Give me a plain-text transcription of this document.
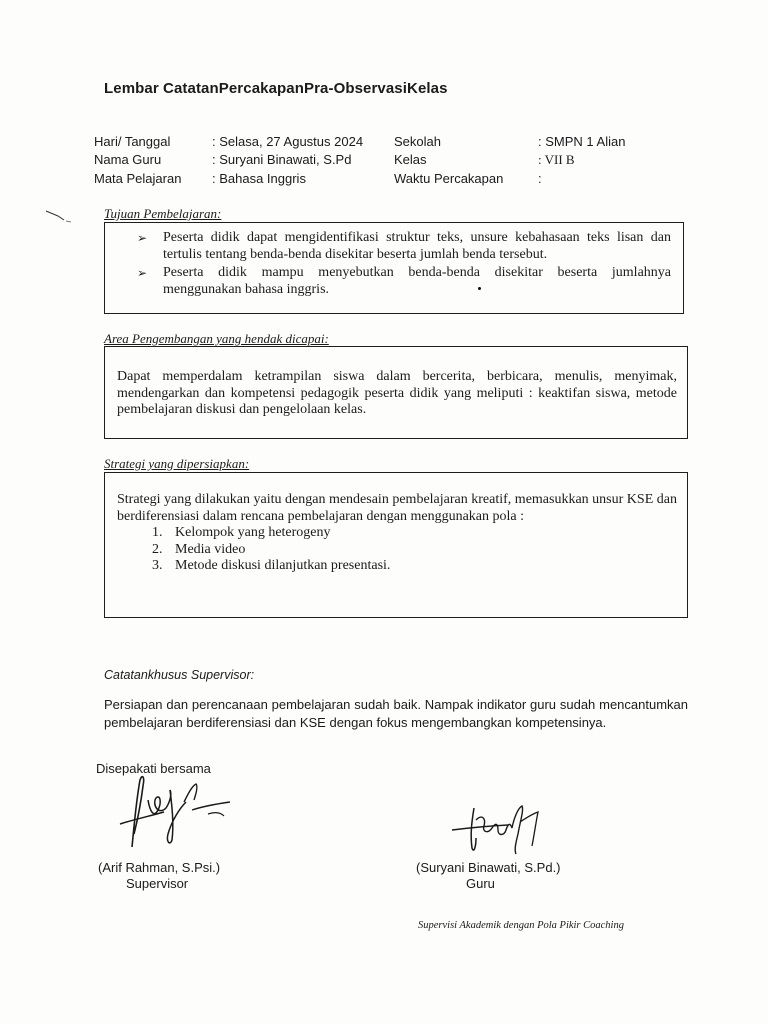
Lembar CatatanPercakapanPra-ObservasiKelas
Hari/ Tanggal	: Selasa, 27 Agustus 2024 Sekolah	: SMPN 1 Alian
Nama Guru	: Suryani Binawati, S.Pd	Kelas	: VII B
Mata Pelajaran : Bahasa Inggris	Waktu Percakapan	:
Tujuan Pembelajaran:
➢ Peserta didik dapat mengidentifikasi struktur teks, unsure kebahasaan teks lisan dan tertulis tentang benda-benda disekitar beserta jumlah benda tersebut.
➢ Peserta didik mampu menyebutkan benda-benda disekitar beserta jumlahnya menggunakan bahasa inggris.
Area Pengembangan yang hendak dicapai:
Dapat memperdalam ketrampilan siswa dalam bercerita, berbicara, menulis, menyimak, mendengarkan dan kompetensi pedagogik peserta didik yang meliputi : keaktifan siswa, metode pembelajaran diskusi dan pengelolaan kelas.
Strategi yang dipersiapkan:
Strategi yang dilakukan yaitu dengan mendesain pembelajaran kreatif, memasukkan unsur KSE dan berdiferensiasi dalam rencana pembelajaran dengan menggunakan pola :
1. Kelompok yang heterogeny
2. Media video
3. Metode diskusi dilanjutkan presentasi.
Catatankhusus Supervisor:
Persiapan dan perencanaan pembelajaran sudah baik. Nampak indikator guru sudah mencantumkan pembelajaran berdiferensiasi dan KSE dengan fokus mengembangkan kompetensinya.
Disepakati bersama
(Arif Rahman, S.Psi.)
Supervisor
(Suryani Binawati, S.Pd.)
Guru
Supervisi Akademik dengan Pola Pikir Coaching
